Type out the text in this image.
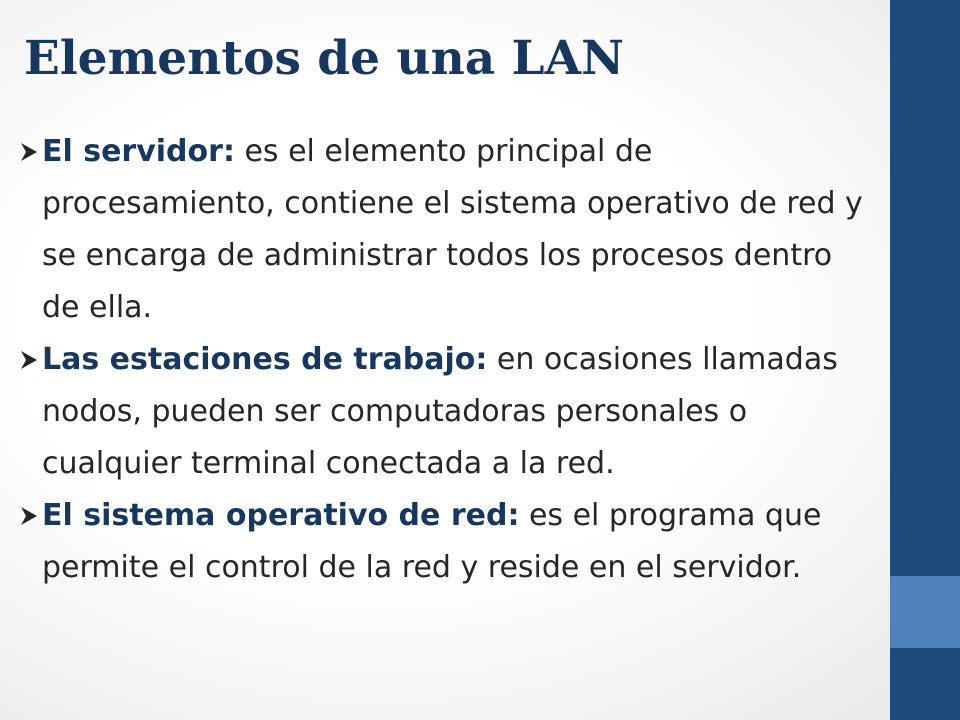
Elementos de una LAN
El servidor: es el elemento principal de procesamiento, contiene el sistema operativo de red y se encarga de administrar todos los procesos dentro de ella.
Las estaciones de trabajo: en ocasiones llamadas nodos, pueden ser computadoras personales o cualquier terminal conectada a la red.
El sistema operativo de red: es el programa que permite el control de la red y reside en el servidor.
